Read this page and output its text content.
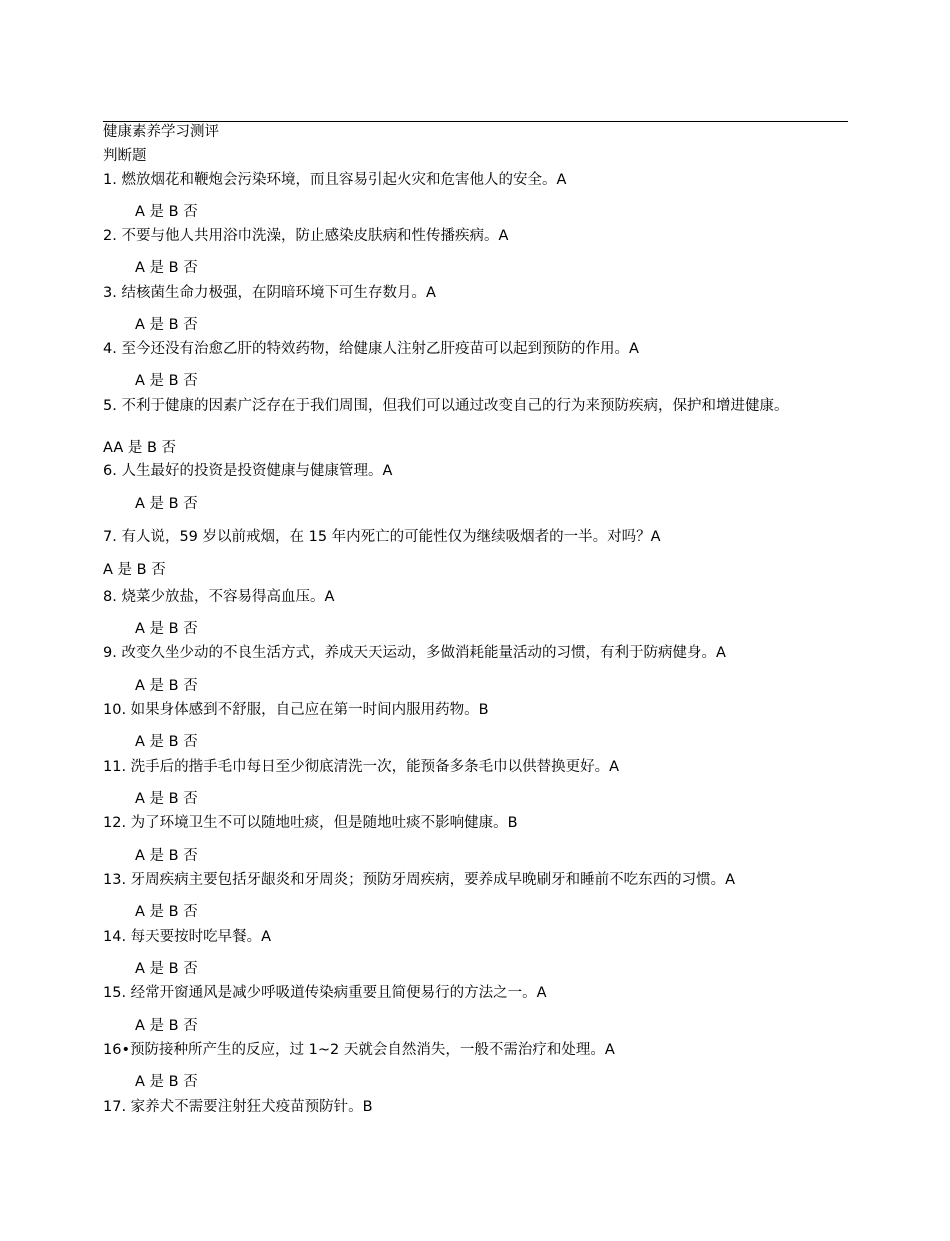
健康素养学习测评
判断题
1. 燃放烟花和鞭炮会污染环境，而且容易引起火灾和危害他人的安全。A
A 是 B 否
2. 不要与他人共用浴巾洗澡，防止感染皮肤病和性传播疾病。A
A 是 B 否
3. 结核菌生命力极强，在阴暗环境下可生存数月。A
A 是 B 否
4. 至今还没有治愈乙肝的特效药物，给健康人注射乙肝疫苗可以起到预防的作用。A
A 是 B 否
5. 不利于健康的因素广泛存在于我们周围，但我们可以通过改变自己的行为来预防疾病，保护和增进健康。
AA 是 B 否
6. 人生最好的投资是投资健康与健康管理。A
A 是 B 否
7. 有人说，59 岁以前戒烟，在 15 年内死亡的可能性仅为继续吸烟者的一半。对吗？A
A 是 B 否
8. 烧菜少放盐，不容易得高血压。A
A 是 B 否
9. 改变久坐少动的不良生活方式，养成天天运动，多做消耗能量活动的习惯，有利于防病健身。A
A 是 B 否
10. 如果身体感到不舒服，自己应在第一时间内服用药物。B
A 是 B 否
11. 洗手后的揩手毛巾每日至少彻底清洗一次，能预备多条毛巾以供替换更好。A
A 是 B 否
12. 为了环境卫生不可以随地吐痰，但是随地吐痰不影响健康。B
A 是 B 否
13. 牙周疾病主要包括牙龈炎和牙周炎；预防牙周疾病，要养成早晚刷牙和睡前不吃东西的习惯。A
A 是 B 否
14. 每天要按时吃早餐。A
A 是 B 否
15. 经常开窗通风是减少呼吸道传染病重要且简便易行的方法之一。A
A 是 B 否
16•预防接种所产生的反应，过 1~2 天就会自然消失，一般不需治疗和处理。A
A 是 B 否
17. 家养犬不需要注射狂犬疫苗预防针。B
